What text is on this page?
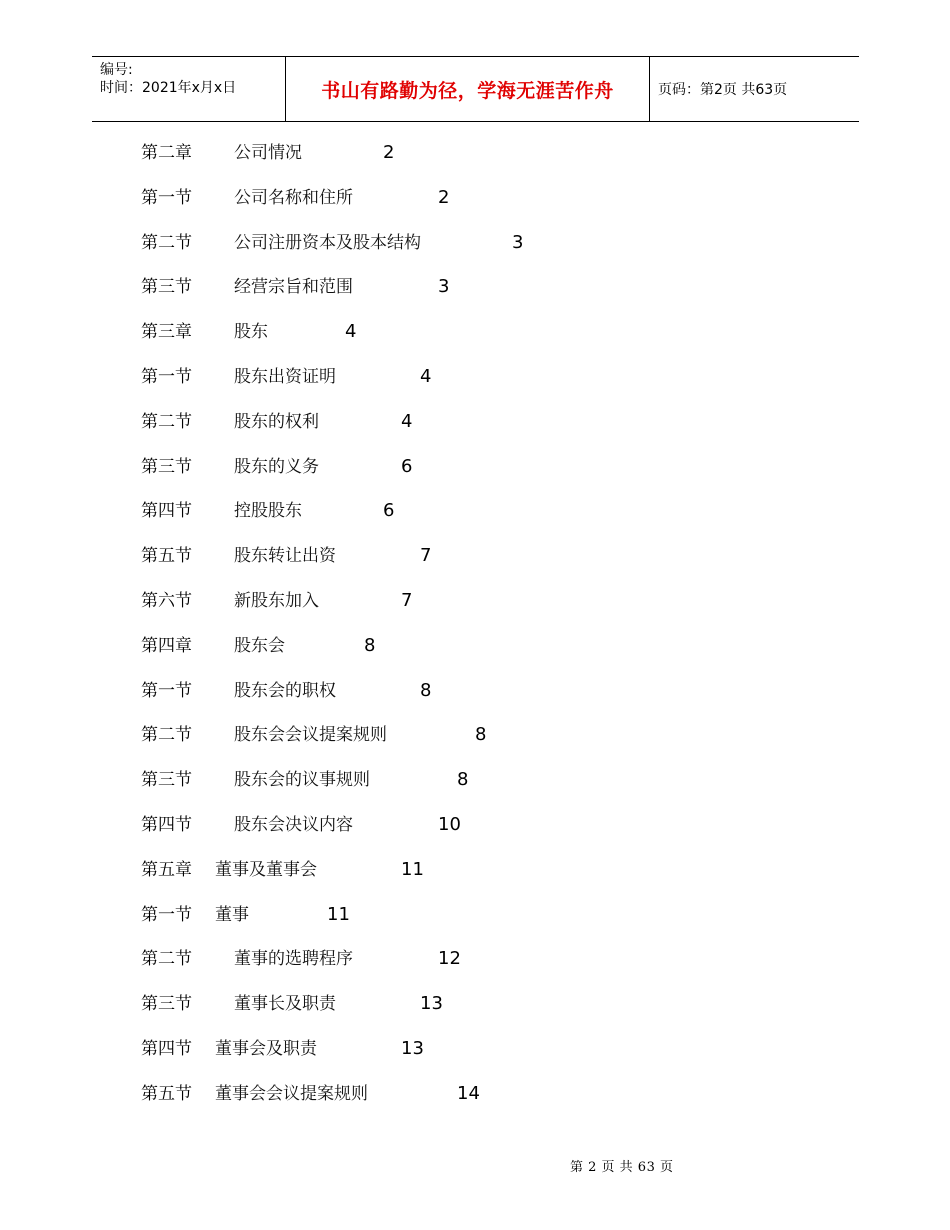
编号:
时间：2021年x月x日	书山有路勤为径，学海无涯苦作舟	页码：第2页 共63页
第二章 公司情况	2
第一节 公司名称和住所	2
第二节 公司注册资本及股本结构	3
第三节 经营宗旨和范围	3
第三章 股东	4
第一节 股东出资证明	4
第二节 股东的权利	4
第三节 股东的义务	6
第四节 控股股东	6
第五节 股东转让出资	7
第六节 新股东加入	7
第四章 股东会	8
第一节 股东会的职权	8
第二节 股东会会议提案规则	8
第三节 股东会的议事规则	8
第四节 股东会决议内容	10
第五章 董事及董事会	11
第一节 董事	11
第二节 董事的选聘程序	12
第三节 董事长及职责	13
第四节 董事会及职责	13
第五节 董事会会议提案规则	14
第 2 页 共 63 页
